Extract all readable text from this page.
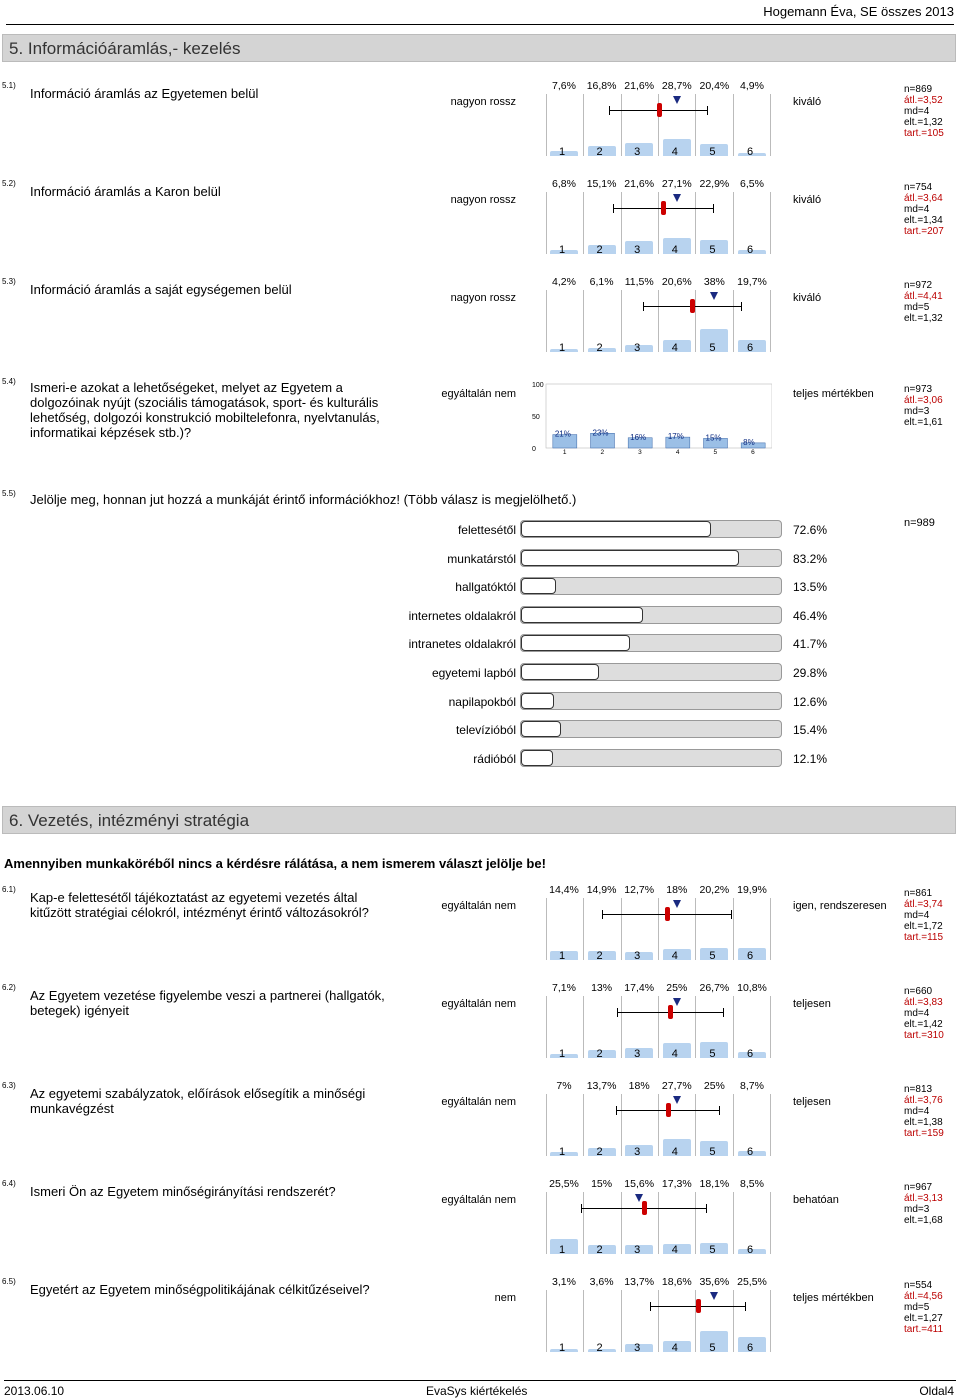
Hogemann Éva, SE összes 2013
5. Információáramlás,- kezelés
5.1)
Információ áramlás az Egyetemen belül
nagyon rossz	kiváló
7,6% 16,8% 21,6% 28,7% 20,4% 4,9%
1	2	3	4	5	6
n=869
átl.=3,52
md=4
elt.=1,32
tart.=105
5.2)
Információ áramlás a Karon belül
nagyon rossz	kiváló
6,8% 15,1% 21,6% 27,1% 22,9% 6,5%
1	2	3	4	5	6
n=754
átl.=3,64
md=4
elt.=1,34
tart.=207
5.3)
Információ áramlás a saját egységemen belül
nagyon rossz	kiváló
4,2% 6,1% 11,5% 20,6% 38% 19,7%
1	2	3	4	5	6
n=972
átl.=4,41
md=5
elt.=1,32
6.1)
Kap-e felettesétől tájékoztatást az egyetemi vezetés által kitűzött stratégiai célokról, intézményt érintő változásokról?	egyáltalán nem	igen, rendszeresen
14,4% 14,9% 12,7% 18% 20,2% 19,9%
1	2	3	4	5	6
n=861
átl.=3,74
md=4
elt.=1,72
tart.=115
6.2)
Az Egyetem vezetése figyelembe veszi a partnerei (hallgatók, betegek) igényeit	egyáltalán nem	teljesen
7,1% 13% 17,4% 25% 26,7% 10,8%
1	2	3	4	5	6
n=660
átl.=3,83
md=4
elt.=1,42
tart.=310
6.3)
Az egyetemi szabályzatok, előírások elősegítik a minőségi munkavégzést	egyáltalán nem	teljesen
7% 13,7% 18% 27,7% 25% 8,7%
1	2	3	4	5	6
n=813
átl.=3,76
md=4
elt.=1,38
tart.=159
6.4)
Ismeri Ön az Egyetem minőségirányítási rendszerét?
egyáltalán nem	behatóan
25,5% 15% 15,6% 17,3% 18,1% 8,5%
1	2	3	4	5	6
n=967
átl.=3,13
md=3
elt.=1,68
6.5)
Egyetért az Egyetem minőségpolitikájának célkitűzéseivel?
nem	teljes mértékben
3,1% 3,6% 13,7% 18,6% 35,6% 25,5%
1	2	3	4	5	6
n=554
átl.=4,56
md=5
elt.=1,27
tart.=411
5.4) Ismeri-e azokat a lehetőségeket, melyet az Egyetem a dolgozóinak nyújt (szociális támogatások, sport- és kulturális lehetőség, dolgozói konstrukció mobiltelefonra, nyelvtanulás, informatikai képzések stb.)?
egyáltalán nem	teljes mértékben
100
50
0
21%
1
23%
2
16%
3
17%
4
15%
5
8%
6
n=973
átl.=3,06
md=3
elt.=1,61
5.5) Jelölje meg, honnan jut hozzá a munkáját érintő információkhoz! (Több válasz is megjelölhető.)
n=989
felettesétől	72.6%
munkatárstól	83.2%
hallgatóktól	13.5%
internetes oldalakról	46.4%
intranetes oldalakról	41.7%
egyetemi lapból	29.8%
napilapokból	12.6%
televízióból	15.4%
rádióból	12.1%
6. Vezetés, intézményi stratégia
Amennyiben munkaköréből nincs a kérdésre rálátása, a nem ismerem választ jelölje be!
2013.06.10	EvaSys kiértékelés	Oldal4
